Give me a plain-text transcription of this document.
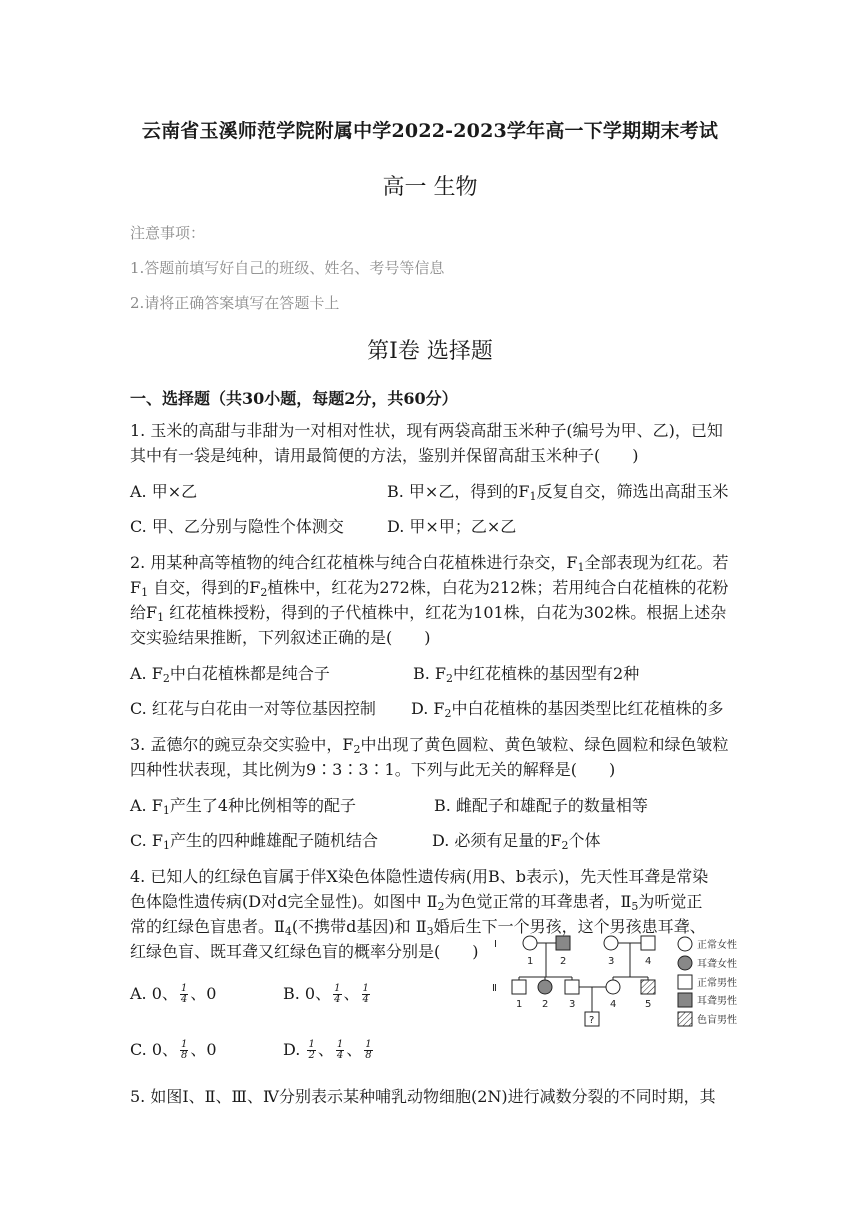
云南省玉溪师范学院附属中学2022-2023学年高一下学期期末考试
高一 生物
注意事项：
1.答题前填写好自己的班级、姓名、考号等信息
2.请将正确答案填写在答题卡上
第Ⅰ卷 选择题
一、选择题（共30小题，每题2分，共60分）
1. 玉米的高甜与非甜为一对相对性状，现有两袋高甜玉米种子(编号为甲、乙)，已知
其中有一袋是纯种，请用最简便的方法，鉴别并保留高甜玉米种子(　　)
A. 甲×乙	B. 甲×乙，得到的$F_1$反复自交，筛选出高甜玉米
C. 甲、乙分别与隐性个体测交	D. 甲×甲；乙×乙
2. 用某种高等植物的纯合红花植株与纯合白花植株进行杂交，$F_1$全部表现为红花。若
$F_1$ 自交，得到的$F_2$植株中，红花为272株，白花为212株；若用纯合白花植株的花粉
给$F_1$ 红花植株授粉，得到的子代植株中，红花为101株，白花为302株。根据上述杂
交实验结果推断，下列叙述正确的是(　　)
A. $F_2$中白花植株都是纯合子	B. $F_2$中红花植株的基因型有2种
C. 红花与白花由一对等位基因控制 D. $F_2$中白花植株的基因类型比红花植株的多
3. 孟德尔的豌豆杂交实验中，$F_2$中出现了黄色圆粒、黄色皱粒、绿色圆粒和绿色皱粒
四种性状表现，其比例为9∶3∶3∶1。下列与此无关的解释是(　　)
A. $F_1$产生了4种比例相等的配子	B. 雌配子和雄配子的数量相等
C. $F_1$产生的四种雌雄配子随机结合	D. 必须有足量的$F_2$个体
4. 已知人的红绿色盲属于伴X染色体隐性遗传病(用B、b表示)，先天性耳聋是常染
色体隐性遗传病(D对d完全显性)。如图中 $Ⅱ_2$为色觉正常的耳聋患者，$Ⅱ_5$为听觉正
常的红绿色盲患者。$Ⅱ_4$(不携带d基因)和 $Ⅱ_3$婚后生下一个男孩，这个男孩患耳聋、
红绿色盲、既耳聋又红绿色盲的概率分别是(　　)
A. 0、 $\frac{1}{4}$ 、0	B. 0、 $\frac{1}{4}$ 、 $\frac{1}{4}$
C. 0、 $\frac{1}{8}$ 、0	D. $\frac{1}{2}$ 、 $\frac{1}{4}$ 、 $\frac{1}{8}$
Ⅰ
Ⅱ
1	2	3	4
1 2 3	4	5
?
正常女性
耳聋女性
正常男性
耳聋男性
色盲男性
5. 如图Ⅰ、Ⅱ、Ⅲ、Ⅳ分别表示某种哺乳动物细胞(2N)进行减数分裂的不同时期，其
